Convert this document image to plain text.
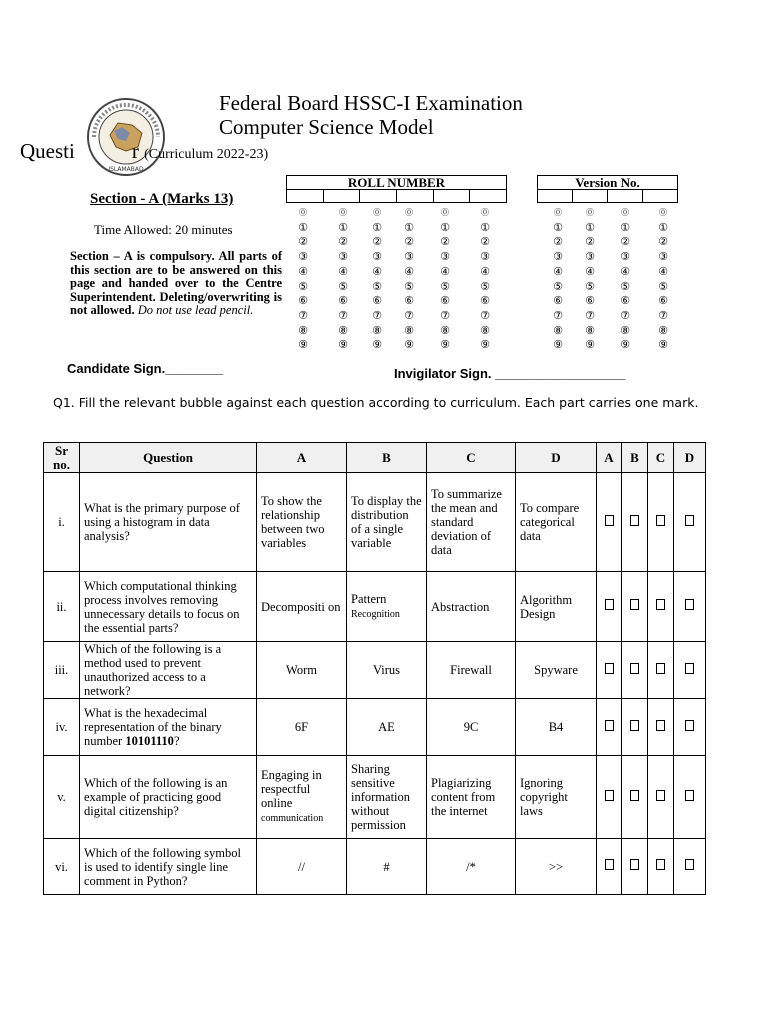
ISLAMABAD
Federal Board HSSC-I Examination
Computer Science Model
Questi	r (Curriculum 2022-23)
Section - A (Marks 13)
Time Allowed: 20 minutes
Section – A is compulsory. All parts of this section are to be answered on this page and handed over to the Centre Superintendent. Deleting/overwriting is not allowed. Do not use lead pencil.
ROLL NUMBER	Version No.
⓪
①
②
③
④
⑤
⑥
⑦
⑧
⑨
⓪
①
②
③
④
⑤
⑥
⑦
⑧
⑨
⓪
①
②
③
④
⑤
⑥
⑦
⑧
⑨
⓪
①
②
③
④
⑤
⑥
⑦
⑧
⑨
⓪
①
②
③
④
⑤
⑥
⑦
⑧
⑨
⓪
①
②
③
④
⑤
⑥
⑦
⑧
⑨
⓪
①
②
③
④
⑤
⑥
⑦
⑧
⑨
⓪
①
②
③
④
⑤
⑥
⑦
⑧
⑨
⓪
①
②
③
④
⑤
⑥
⑦
⑧
⑨
⓪
①
②
③
④
⑤
⑥
⑦
⑧
⑨
Candidate Sign.________	Invigilator Sign. __________________
Q1. Fill the relevant bubble against each question according to curriculum. Each part carries one mark.
Sr no.	Question	A	B	C	D	A	B	C	D
i.	What is the primary purpose of using a histogram in data analysis?	To show the relationship between two variables	To display the distribution of a single variable	To summarize the mean and standard deviation of data	To compare categorical data				
ii.	Which computational thinking process involves removing unnecessary details to focus on the essential parts?	Decompositi on	Pattern
Recognition	Abstraction	Algorithm Design				
iii.	Which of the following is a method used to prevent unauthorized access to a network?	Worm	Virus	Firewall	Spyware				
iv.	What is the hexadecimal representation of the binary number 10101110?	6F	AE	9C	B4				
v.	Which of the following is an example of practicing good digital citizenship?	Engaging in respectful online
communication	Sharing sensitive information without permission	Plagiarizing content from the internet	Ignoring copyright laws				
vi.	Which of the following symbol is used to identify single line comment in Python?	//	#	/*	>>				
